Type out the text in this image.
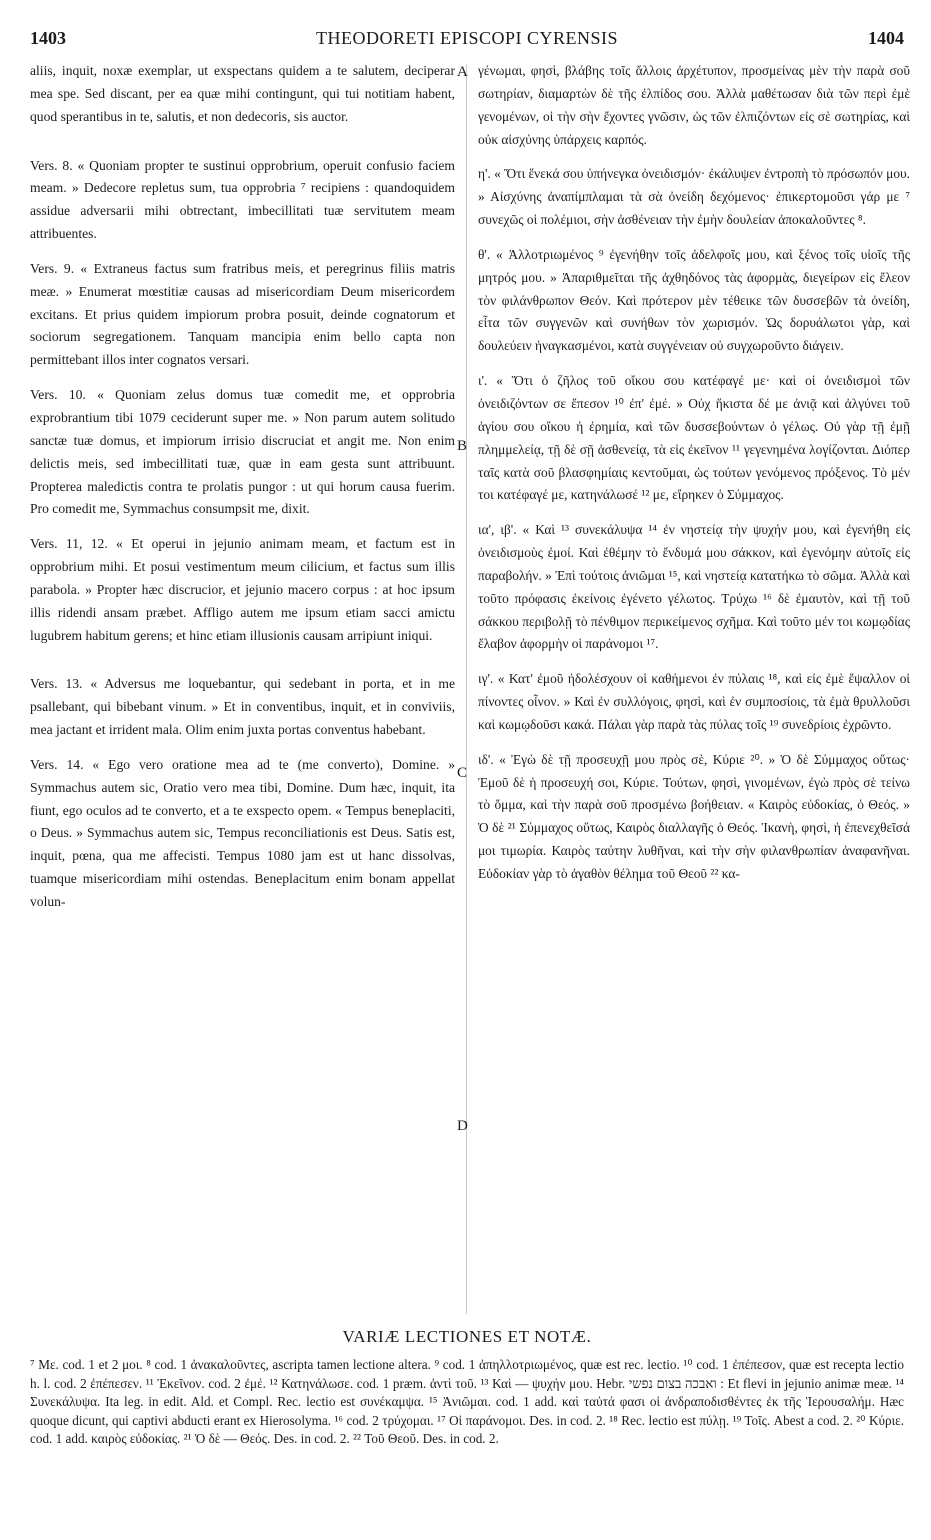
1403	THEODORETI EPISCOPI CYRENSIS	1404

aliis, inquit, noxæ exemplar, ut exspectans quidem a te salutem, deciperar mea spe. Sed discant, per ea quæ mihi contingunt, qui tui notitiam habent, quod sperantibus in te, salutis, et non dedecoris, sis auctor.

Vers. 8. « Quoniam propter te sustinui opprobrium, operuit confusio faciem meam. » Dedecore repletus sum, tua opprobria ⁷ recipiens : quandoquidem assidue adversarii mihi obtrectant, imbecillitati tuæ servitutem meam attribuentes.

Vers. 9. « Extraneus factus sum fratribus meis, et peregrinus filiis matris meæ. » Enumerat mœstitiæ causas ad misericordiam Deum misericordem excitans. Et prius quidem impiorum probra posuit, deinde cognatorum et sociorum segregationem. Tanquam mancipia enim bello capta non permittebant illos inter cognatos versari.

Vers. 10. « Quoniam zelus domus tuæ comedit me, et opprobria exprobrantium tibi 1079 ceciderunt super me. » Non parum autem solitudo sanctæ tuæ domus, et impiorum irrisio discruciat et angit me. Non enim delictis meis, sed imbecillitati tuæ, quæ in eam gesta sunt attribuunt. Propterea maledictis contra te prolatis pungor : ut qui horum causa fuerim. Pro comedit me, Symmachus consumpsit me, dixit.

Vers. 11, 12. « Et operui in jejunio animam meam, et factum est in opprobrium mihi. Et posui vestimentum meum cilicium, et factus sum illis parabola. » Propter hæc discrucior, et jejunio macero corpus : at hoc ipsum illis ridendi ansam præbet. Affligo autem me ipsum etiam sacci amictu lugubrem habitum gerens; et hinc etiam illusionis causam arripiunt iniqui.

Vers. 13. « Adversus me loquebantur, qui sedebant in porta, et in me psallebant, qui bibebant vinum. » Et in conventibus, inquit, et in conviviis, mea jactant et irrident mala. Olim enim juxta portas conventus habebant.

Vers. 14. « Ego vero oratione mea ad te (me converto), Domine. » Symmachus autem sic, Oratio vero mea tibi, Domine. Dum hæc, inquit, ita fiunt, ego oculos ad te converto, et a te exspecto opem. « Tempus beneplaciti, o Deus. » Symmachus autem sic, Tempus reconciliationis est Deus. Satis est, inquit, pœna, qua me affecisti. Tempus 1080 jam est ut hanc dissolvas, tuamque misericordiam mihi ostendas. Beneplacitum enim bonam appellat volun-

A
B
C
D

γένωμαι, φησὶ, βλάβης τοῖς ἄλλοις ἀρχέτυπον, προσμείνας μὲν τὴν παρὰ σοῦ σωτηρίαν, διαμαρτὼν δὲ τῆς ἐλπίδος σου. Ἀλλὰ μαθέτωσαν διὰ τῶν περὶ ἐμὲ γενομένων, οἱ τὴν σὴν ἔχοντες γνῶσιν, ὡς τῶν ἐλπιζόντων εἰς σὲ σωτηρίας, καὶ οὐκ αἰσχύνης ὑπάρχεις καρπός.

η'. « Ὅτι ἕνεκά σου ὑπήνεγκα ὀνειδισμόν· ἐκάλυψεν ἐντροπὴ τὸ πρόσωπόν μου. » Αἰσχύνης ἀναπίμπλαμαι τὰ σὰ ὀνείδη δεχόμενος· ἐπικερτομοῦσι γάρ με ⁷ συνεχῶς οἱ πολέμιοι, σὴν ἀσθένειαν τὴν ἐμὴν δουλείαν ἀποκαλοῦντες ⁸.

θ'. « Ἀλλοτριωμένος ⁹ ἐγενήθην τοῖς ἀδελφοῖς μου, καὶ ξένος τοῖς υἱοῖς τῆς μητρός μου. » Ἀπαριθμεῖται τῆς ἀχθηδόνος τὰς ἀφορμὰς, διεγείρων εἰς ἔλεον τὸν φιλάνθρωπον Θεόν. Καὶ πρότερον μὲν τέθεικε τῶν δυσσεβῶν τὰ ὀνείδη, εἶτα τῶν συγγενῶν καὶ συνήθων τὸν χωρισμόν. Ὡς δορυάλωτοι γὰρ, καὶ δουλεύειν ἠναγκασμένοι, κατὰ συγγένειαν οὐ συγχωροῦντο διάγειν.

ι'. « Ὅτι ὁ ζῆλος τοῦ οἴκου σου κατέφαγέ με· καὶ οἱ ὀνειδισμοὶ τῶν ὀνειδιζόντων σε ἔπεσον ¹⁰ ἐπ' ἐμέ. » Οὐχ ἥκιστα δέ με ἀνιᾷ καὶ ἀλγύνει τοῦ ἁγίου σου οἴκου ἡ ἐρημία, καὶ τῶν δυσσεβούντων ὁ γέλως. Οὐ γὰρ τῇ ἐμῇ πλημμελείᾳ, τῇ δὲ σῇ ἀσθενείᾳ, τὰ εἰς ἐκεῖνον ¹¹ γεγενημένα λογίζονται. Διόπερ ταῖς κατὰ σοῦ βλασφημίαις κεντοῦμαι, ὡς τούτων γενόμενος πρόξενος. Τὸ μέν τοι κατέφαγέ με, κατηνάλωσέ ¹² με, εἴρηκεν ὁ Σύμμαχος.

ια', ιβ'. « Καὶ ¹³ συνεκάλυψα ¹⁴ ἐν νηστείᾳ τὴν ψυχήν μου, καὶ ἐγενήθη εἰς ὀνειδισμοὺς ἐμοί. Καὶ ἐθέμην τὸ ἔνδυμά μου σάκκον, καὶ ἐγενόμην αὐτοῖς εἰς παραβολήν. » Ἐπὶ τούτοις ἀνιῶμαι ¹⁵, καὶ νηστείᾳ κατατήκω τὸ σῶμα. Ἀλλὰ καὶ τοῦτο πρόφασις ἐκείνοις ἐγένετο γέλωτος. Τρύχω ¹⁶ δὲ ἐμαυτὸν, καὶ τῇ τοῦ σάκκου περιβολῇ τὸ πένθιμον περικείμενος σχῆμα. Καὶ τοῦτο μέν τοι κωμῳδίας ἔλαβον ἀφορμὴν οἱ παράνομοι ¹⁷.

ιγ'. « Κατ' ἐμοῦ ἠδολέσχουν οἱ καθήμενοι ἐν πύλαις ¹⁸, καὶ εἰς ἐμὲ ἔψαλλον οἱ πίνοντες οἶνον. » Καὶ ἐν συλλόγοις, φησὶ, καὶ ἐν συμποσίοις, τὰ ἐμὰ θρυλλοῦσι καὶ κωμῳδοῦσι κακά. Πάλαι γὰρ παρὰ τὰς πύλας τοῖς ¹⁹ συνεδρίοις ἐχρῶντο.

ιδ'. « Ἐγὼ δὲ τῇ προσευχῇ μου πρὸς σὲ, Κύριε ²⁰. » Ὁ δὲ Σύμμαχος οὕτως· Ἐμοῦ δὲ ἡ προσευχή σοι, Κύριε. Τούτων, φησὶ, γινομένων, ἐγὼ πρὸς σὲ τείνω τὸ ὄμμα, καὶ τὴν παρὰ σοῦ προσμένω βοήθειαν. « Καιρὸς εὐδοκίας, ὁ Θεός. » Ὁ δὲ ²¹ Σύμμαχος οὕτως, Καιρὸς διαλλαγῆς ὁ Θεός. Ἱκανὴ, φησὶ, ἡ ἐπενεχθεῖσά μοι τιμωρία. Καιρὸς ταύτην λυθῆναι, καὶ τὴν σὴν φιλανθρωπίαν ἀναφανῆναι. Εὐδοκίαν γὰρ τὸ ἀγαθὸν θέλημα τοῦ Θεοῦ ²² κα-

VARIÆ LECTIONES ET NOTÆ.

⁷ Με. cod. 1 et 2 μοι. ⁸ cod. 1 ἀνακαλοῦντες, ascripta tamen lectione altera. ⁹ cod. 1 ἀπηλλοτριωμένος, quæ est rec. lectio. ¹⁰ cod. 1 ἐπέπεσον, quæ est recepta lectio h. l. cod. 2 ἐπέπεσεν. ¹¹ Ἐκεῖνον. cod. 2 ἐμέ. ¹² Κατηνάλωσε. cod. 1 præm. ἀντὶ τοῦ. ¹³ Καὶ — ψυχήν μου. Hebr. ואבכה בצום נפשי : Et flevi in jejunio animæ meæ. ¹⁴ Συνεκάλυψα. Ita leg. in edit. Ald. et Compl. Rec. lectio est συνέκαμψα. ¹⁵ Ἀνιῶμαι. cod. 1 add. καὶ ταὐτά φασι οἱ ἀνδραποδισθέντες ἐκ τῆς Ἱερουσαλήμ. Hæc quoque dicunt, qui captivi abducti erant ex Hierosolyma. ¹⁶ cod. 2 τρύχομαι. ¹⁷ Οἱ παράνομοι. Des. in cod. 2. ¹⁸ Rec. lectio est πύλῃ. ¹⁹ Τοῖς. Abest a cod. 2. ²⁰ Κύριε. cod. 1 add. καιρὸς εὐδοκίας. ²¹ Ὁ δὲ — Θεός. Des. in cod. 2. ²² Τοῦ Θεοῦ. Des. in cod. 2.
